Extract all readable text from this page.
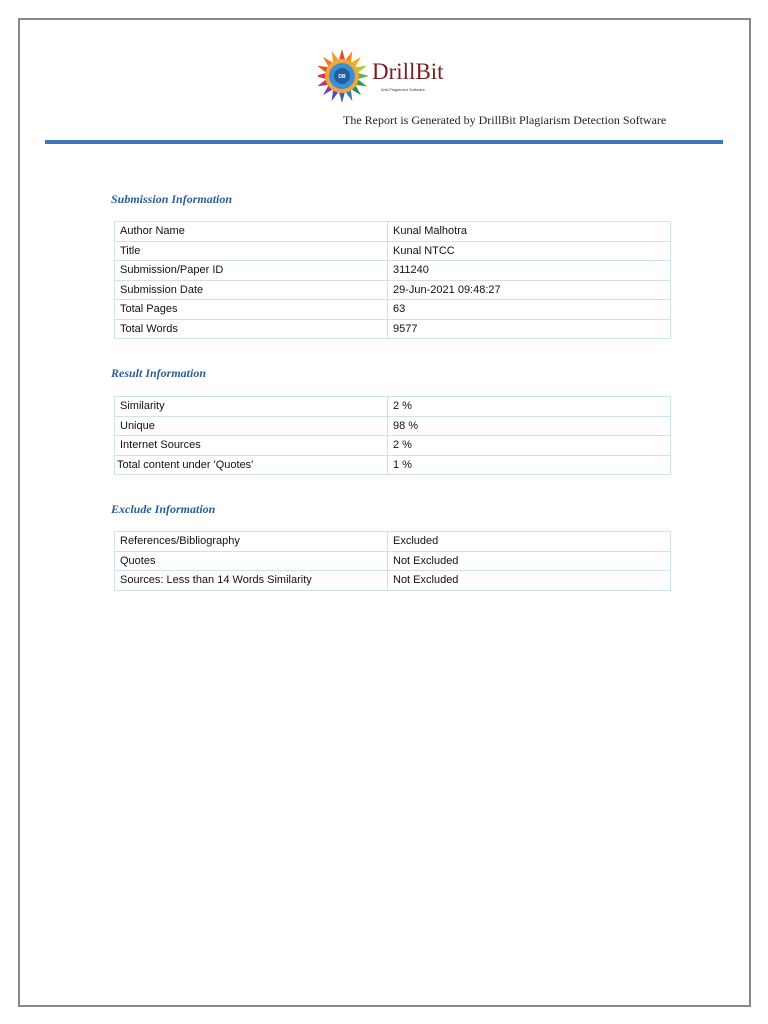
DB DrillBit
Anti-Plagiarism Software
The Report is Generated by DrillBit Plagiarism Detection Software
Submission Information
Author Name	Kunal Malhotra
Title	Kunal NTCC
Submission/Paper ID	311240
Submission Date	29-Jun-2021 09:48:27
Total Pages	63
Total Words	9577
Result Information
Similarity	2 %
Unique	98 %
Internet Sources	2 %
Total content under 'Quotes'	1 %
Exclude Information
References/Bibliography	Excluded
Quotes	Not Excluded
Sources: Less than 14 Words Similarity	Not Excluded
